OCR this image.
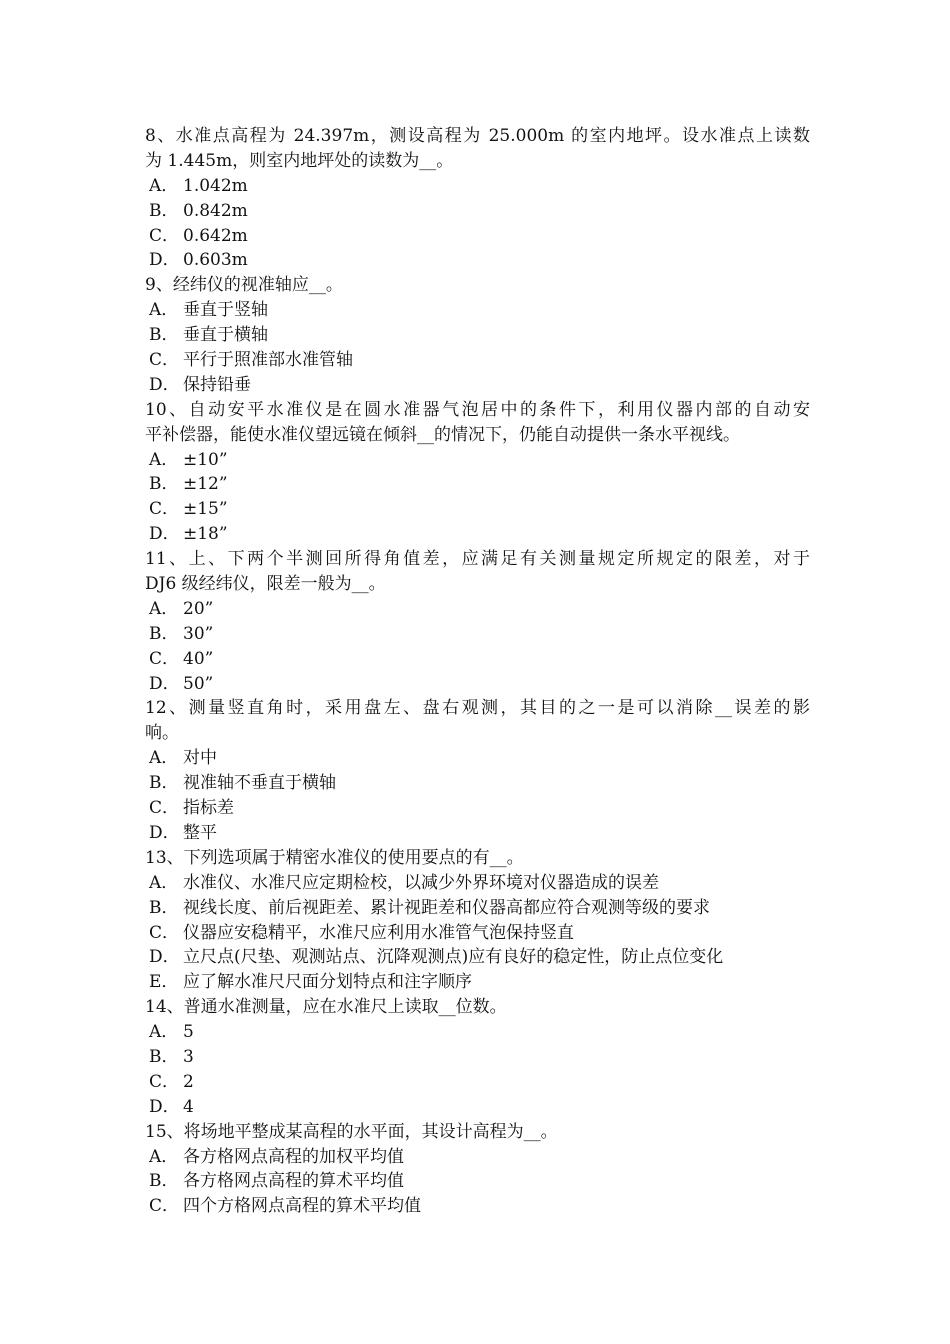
8、水准点高程为 24.397m，测设高程为 25.000m 的室内地坪。设水准点上读数
为 1.445m，则室内地坪处的读数为__。
A． 1.042m
B． 0.842m
C． 0.642m
D． 0.603m
9、经纬仪的视准轴应__。
A． 垂直于竖轴
B． 垂直于横轴
C． 平行于照准部水准管轴
D． 保持铅垂
10、自动安平水准仪是在圆水准器气泡居中的条件下，利用仪器内部的自动安
平补偿器，能使水准仪望远镜在倾斜__的情况下，仍能自动提供一条水平视线。
A． ±10”
B． ±12”
C． ±15”
D． ±18”
11、上、下两个半测回所得角值差，应满足有关测量规定所规定的限差，对于
DJ6 级经纬仪，限差一般为__。
A． 20”
B． 30”
C． 40”
D． 50”
12、测量竖直角时，采用盘左、盘右观测，其目的之一是可以消除__误差的影
响。
A． 对中
B． 视准轴不垂直于横轴
C． 指标差
D． 整平
13、下列选项属于精密水准仪的使用要点的有__。
A． 水准仪、水准尺应定期检校，以减少外界环境对仪器造成的误差
B． 视线长度、前后视距差、累计视距差和仪器高都应符合观测等级的要求
C． 仪器应安稳精平，水准尺应利用水准管气泡保持竖直
D． 立尺点(尺垫、观测站点、沉降观测点)应有良好的稳定性，防止点位变化
E． 应了解水准尺尺面分划特点和注字顺序
14、普通水准测量，应在水准尺上读取__位数。
A． 5
B． 3
C． 2
D． 4
15、将场地平整成某高程的水平面，其设计高程为__。
A． 各方格网点高程的加权平均值
B． 各方格网点高程的算术平均值
C． 四个方格网点高程的算术平均值
